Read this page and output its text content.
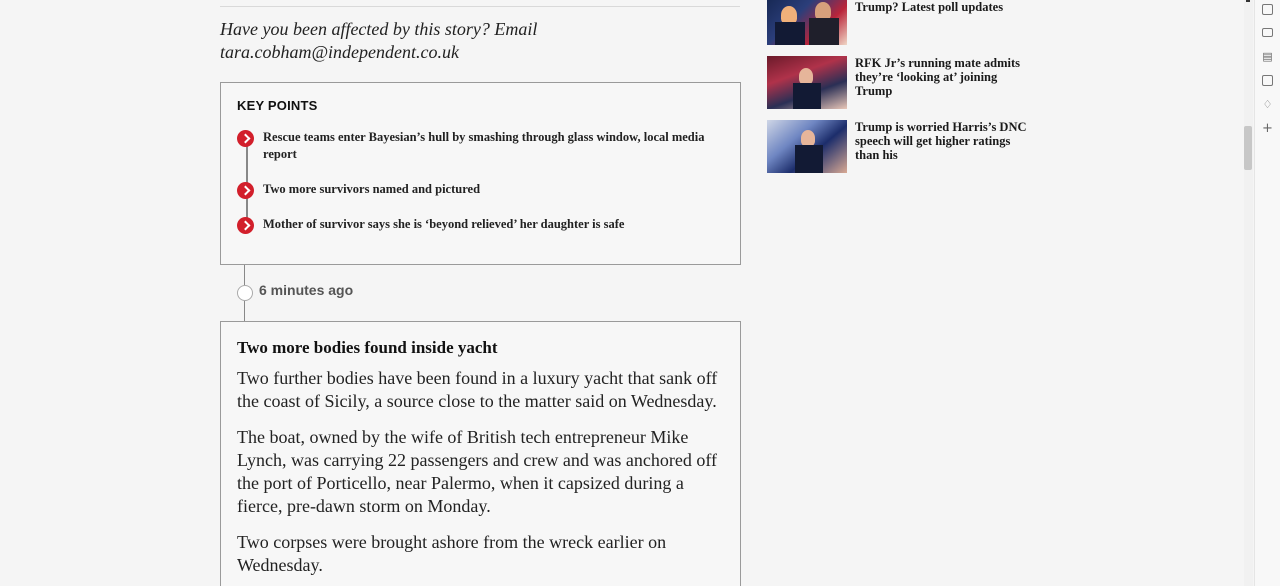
Have you been affected by this story? Email tara.cobham@independent.co.uk

KEY POINTS
Rescue teams enter Bayesian’s hull by smashing through glass window, local media report
Two more survivors named and pictured
Mother of survivor says she is ‘beyond relieved’ her daughter is safe
6 minutes ago
Two more bodies found inside yacht

Two further bodies have been found in a luxury yacht that sank off the coast of Sicily, a source close to the matter said on Wednesday.

The boat, owned by the wife of British tech entrepreneur Mike Lynch, was carrying 22 passengers and crew and was anchored off the port of Porticello, near Palermo, when it capsized during a fierce, pre-dawn storm on Monday.

Two corpses were brought ashore from the wreck earlier on Wednesday.

Trump? Latest poll updates
RFK Jr’s running mate admits they’re ‘looking at’ joining Trump
Trump is worried Harris’s DNC speech will get higher ratings than his
▤
♢
+
